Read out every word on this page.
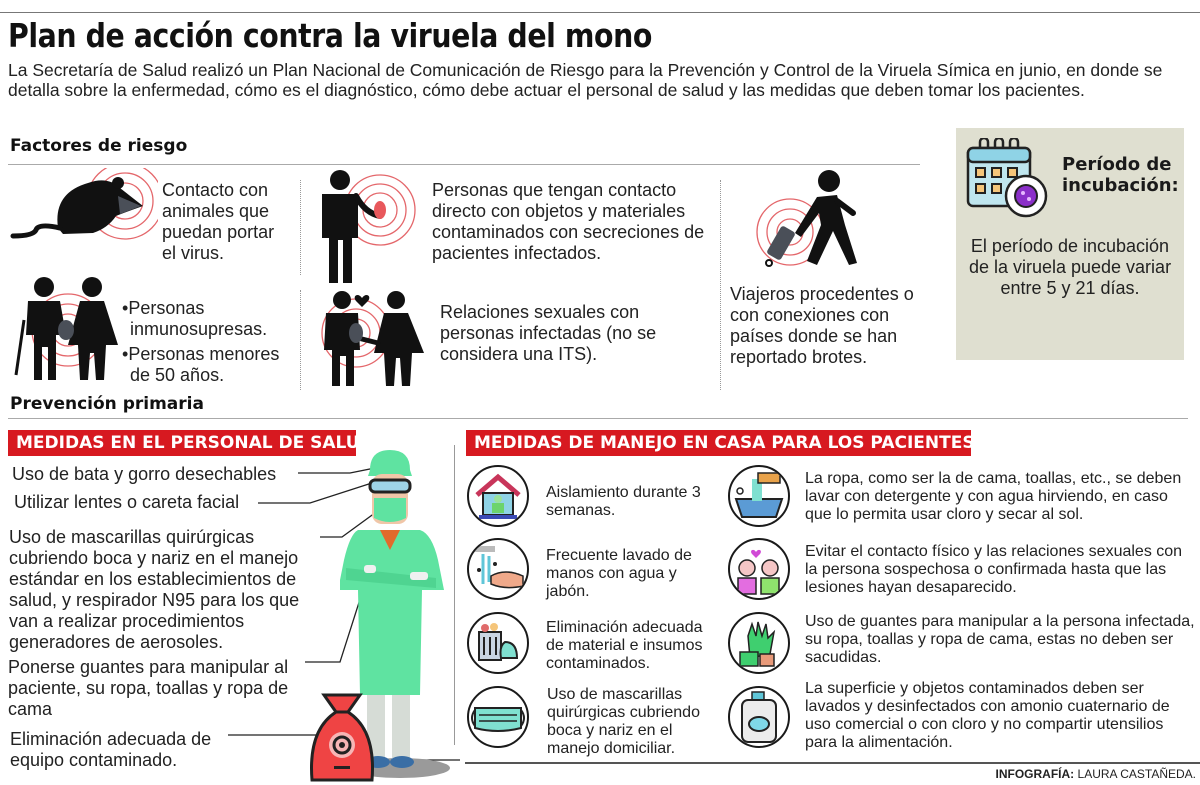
Plan de acción contra la viruela del mono

La Secretaría de Salud realizó un Plan Nacional de Comunicación de Riesgo para la Prevención y Control de la Viruela Símica en junio, en donde se detalla sobre la enfermedad, cómo es el diagnóstico, cómo debe actuar el personal de salud y las medidas que deben tomar los pacientes.

Factores de riesgo

Contacto con animales que puedan portar el virus.

Personas que tengan contacto directo con objetos y materiales contaminados con secreciones de pacientes infectados.

Viajeros procedentes o con conexiones con países donde se han reportado brotes.

•Personas inmunosupresas.
•Personas menores de 50 años.

Relaciones sexuales con personas infectadas (no se considera una ITS).

Período de incubación:

El período de incubación de la viruela puede variar entre 5 y 21 días.

Prevención primaria
MEDIDAS EN EL PERSONAL DE SALUD

Uso de bata y gorro desechables

Utilizar lentes o careta facial

Uso de mascarillas quirúrgicas cubriendo boca y nariz en el manejo estándar en los establecimientos de salud, y respirador N95 para los que van a realizar procedimientos generadores de aerosoles.

Ponerse guantes para manipular al paciente, su ropa, toallas y ropa de cama

Eliminación adecuada de equipo contaminado.

MEDIDAS DE MANEJO EN CASA PARA LOS PACIENTES

Aislamiento durante 3 semanas.

Frecuente lavado de manos con agua y jabón.

Eliminación adecuada de material e insumos contaminados.

Uso de mascarillas quirúrgicas cubriendo boca y nariz en el manejo domiciliar.

La ropa, como ser la de cama, toallas, etc., se deben lavar con detergente y con agua hirviendo, en caso que lo permita usar cloro y secar al sol.

Evitar el contacto físico y las relaciones sexuales con la persona sospechosa o confirmada hasta que las lesiones hayan desaparecido.

Uso de guantes para manipular a la persona infectada, su ropa, toallas y ropa de cama, estas no deben ser sacudidas.

La superficie y objetos contaminados deben ser lavados y desinfectados con amonio cuaternario de uso comercial o con cloro y no compartir utensilios para la alimentación.

INFOGRAFÍA: LAURA CASTAÑEDA.
